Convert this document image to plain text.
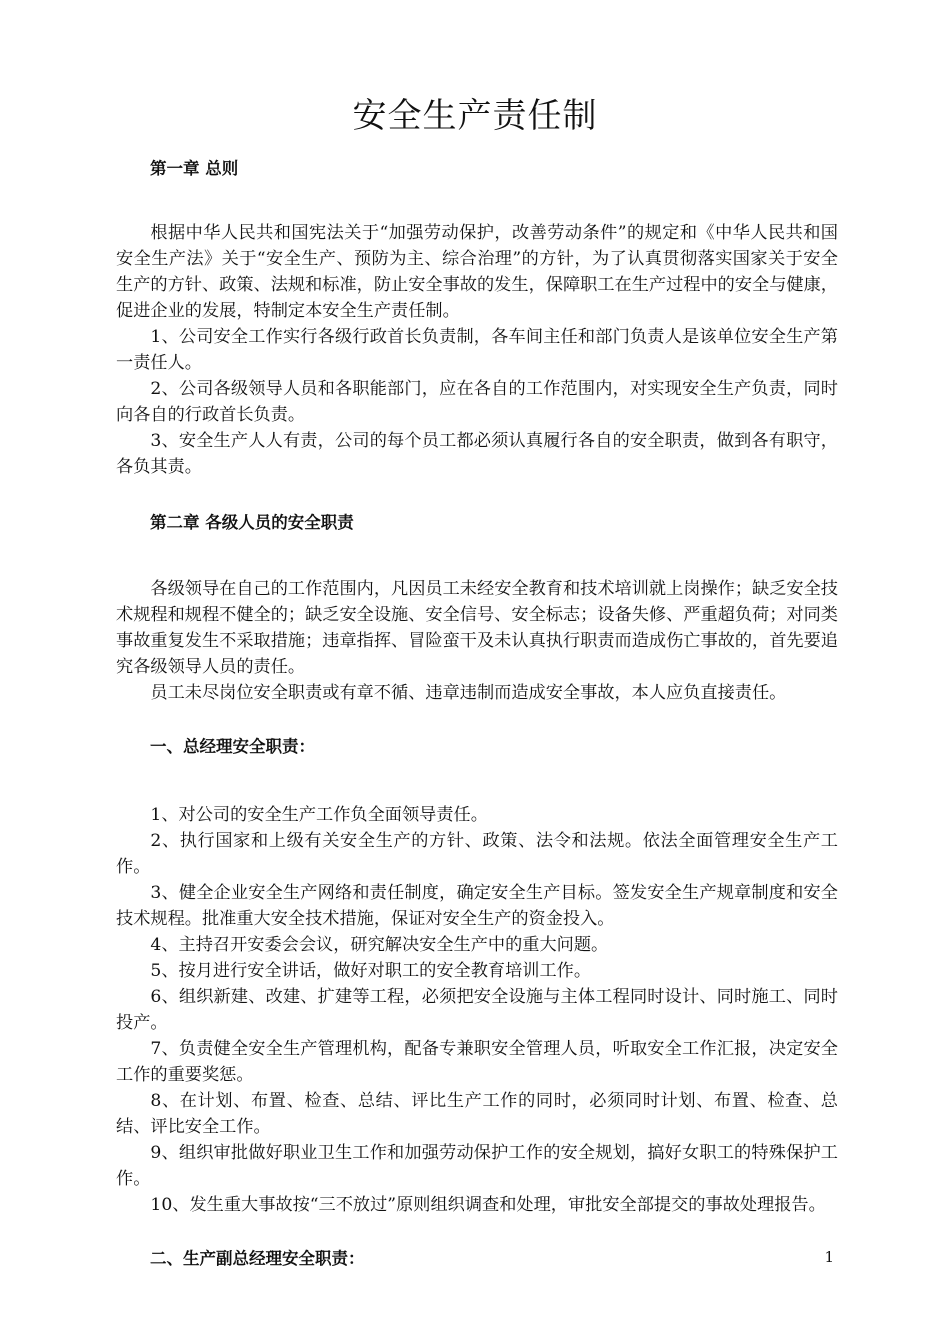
安全生产责任制

第一章 总则

根据中华人民共和国宪法关于“加强劳动保护，改善劳动条件”的规定和《中华人民共和国安全生产法》关于“安全生产、预防为主、综合治理”的方针，为了认真贯彻落实国家关于安全生产的方针、政策、法规和标准，防止安全事故的发生，保障职工在生产过程中的安全与健康，促进企业的发展，特制定本安全生产责任制。

1、公司安全工作实行各级行政首长负责制，各车间主任和部门负责人是该单位安全生产第一责任人。

2、公司各级领导人员和各职能部门，应在各自的工作范围内，对实现安全生产负责，同时向各自的行政首长负责。

3、安全生产人人有责，公司的每个员工都必须认真履行各自的安全职责，做到各有职守，各负其责。

第二章 各级人员的安全职责

各级领导在自己的工作范围内，凡因员工未经安全教育和技术培训就上岗操作；缺乏安全技术规程和规程不健全的；缺乏安全设施、安全信号、安全标志；设备失修、严重超负荷；对同类事故重复发生不采取措施；违章指挥、冒险蛮干及未认真执行职责而造成伤亡事故的，首先要追究各级领导人员的责任。

员工未尽岗位安全职责或有章不循、违章违制而造成安全事故，本人应负直接责任。

一、总经理安全职责：

1、对公司的安全生产工作负全面领导责任。

2、执行国家和上级有关安全生产的方针、政策、法令和法规。依法全面管理安全生产工作。

3、健全企业安全生产网络和责任制度，确定安全生产目标。签发安全生产规章制度和安全技术规程。批准重大安全技术措施，保证对安全生产的资金投入。

4、主持召开安委会会议，研究解决安全生产中的重大问题。

5、按月进行安全讲话，做好对职工的安全教育培训工作。

6、组织新建、改建、扩建等工程，必须把安全设施与主体工程同时设计、同时施工、同时投产。

7、负责健全安全生产管理机构，配备专兼职安全管理人员，听取安全工作汇报，决定安全工作的重要奖惩。

8、在计划、布置、检查、总结、评比生产工作的同时，必须同时计划、布置、检查、总结、评比安全工作。

9、组织审批做好职业卫生工作和加强劳动保护工作的安全规划，搞好女职工的特殊保护工作。

10、发生重大事故按“三不放过”原则组织调查和处理，审批安全部提交的事故处理报告。

二、生产副总经理安全职责：	1
